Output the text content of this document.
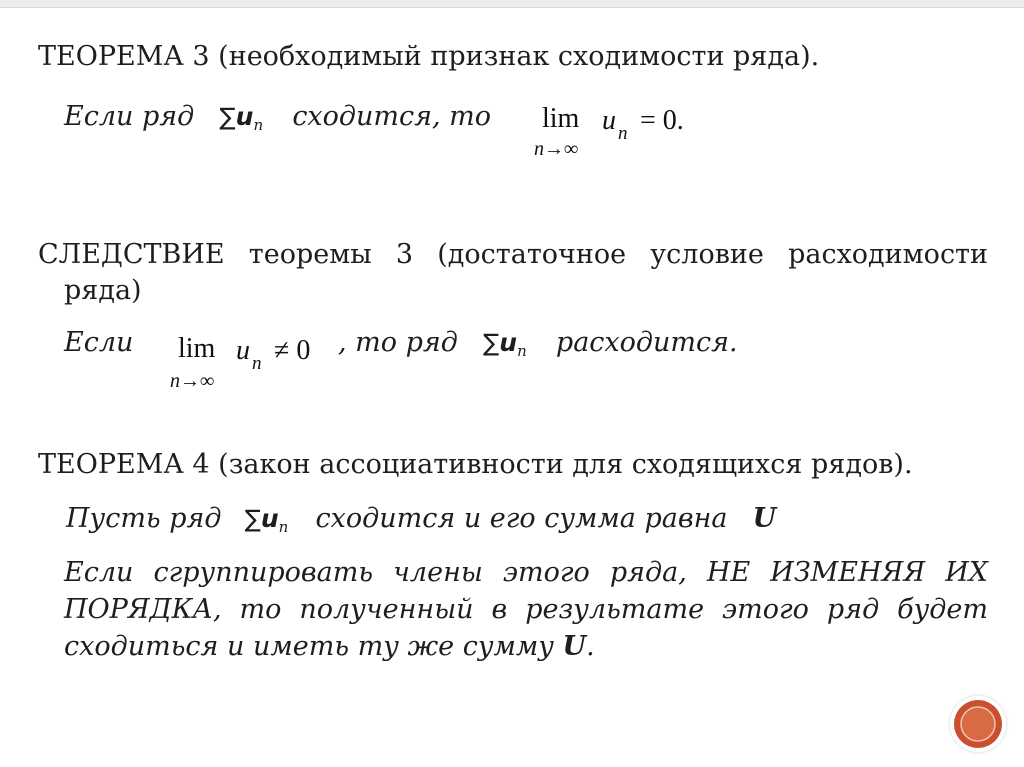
ТЕОРЕМА 3 (необходимый признак сходимости ряда).
Если ряд ∑un сходится, то lim
n→∞
u n = 0.
СЛЕДСТВИЕ теоремы 3 (достаточное условие расходимости
ряда)
Если lim
n→∞
u n ≠ 0 , то ряд ∑un расходится.
ТЕОРЕМА 4 (закон ассоциативности для сходящихся рядов).
Пусть ряд ∑un сходится и его сумма равна U
Если сгруппировать члены этого ряда, НЕ ИЗМЕНЯЯ ИХ
ПОРЯДКА, то полученный в результате этого ряд будет
сходиться и иметь ту же сумму U.
